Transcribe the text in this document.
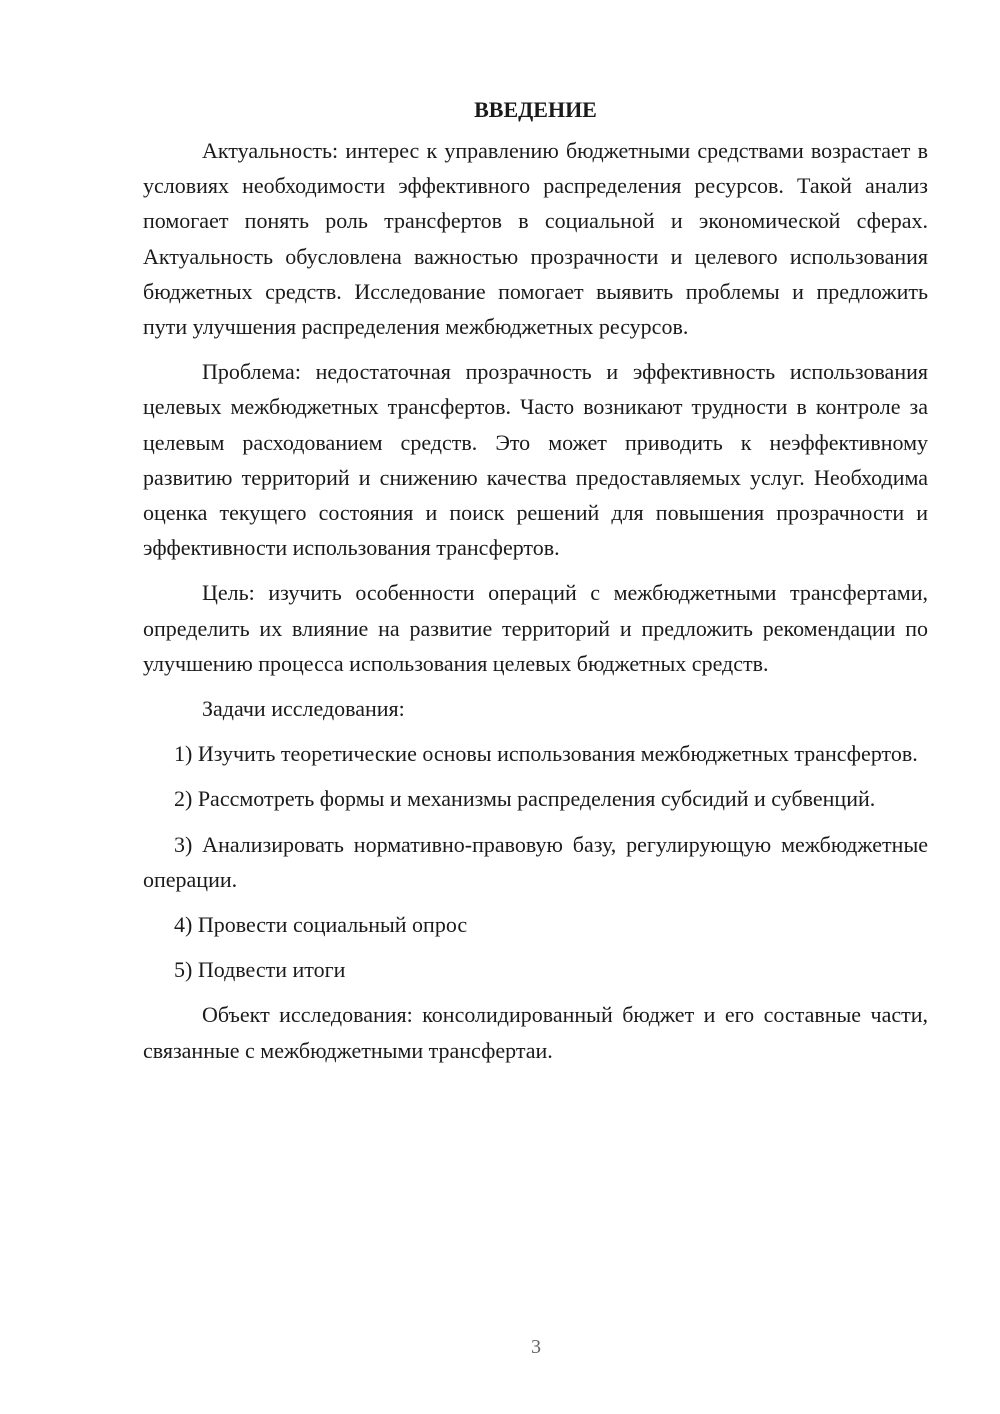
ВВЕДЕНИЕ

Актуальность: интерес к управлению бюджетными средствами возрастает в условиях необходимости эффективного распределения ресурсов. Такой анализ помогает понять роль трансфертов в социальной и экономической сферах. Актуальность обусловлена важностью прозрачности и целевого использования бюджетных средств. Исследование помогает выявить проблемы и предложить пути улучшения распределения межбюджетных ресурсов.

Проблема: недостаточная прозрачность и эффективность использования целевых межбюджетных трансфертов. Часто возникают трудности в контроле за целевым расходованием средств. Это может приводить к неэффективному развитию территорий и снижению качества предоставляемых услуг. Необходима оценка текущего состояния и поиск решений для повышения прозрачности и эффективности использования трансфертов.

Цель: изучить особенности операций с межбюджетными трансфертами, определить их влияние на развитие территорий и предложить рекомендации по улучшению процесса использования целевых бюджетных средств.

Задачи исследования:

1) Изучить теоретические основы использования межбюджетных трансфертов.

2) Рассмотреть формы и механизмы распределения субсидий и субвенций.

3) Анализировать нормативно-правовую базу, регулирующую межбюджетные операции.

4) Провести социальный опрос

5) Подвести итоги

Объект исследования: консолидированный бюджет и его составные части, связанные с межбюджетными трансфертаи.

3
